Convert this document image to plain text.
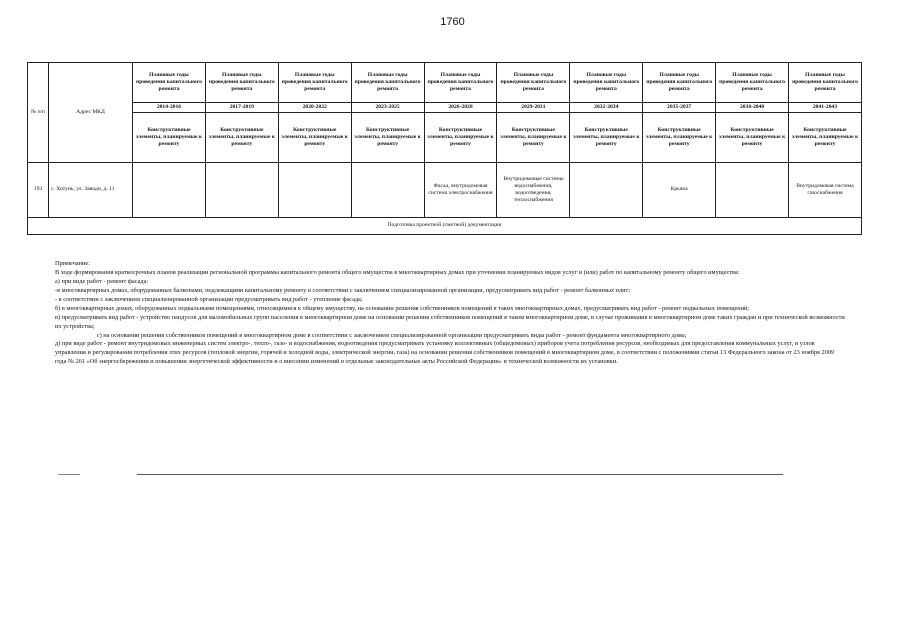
1760
№ п/п	Адрес МКД	Плановые годы проведения капитального ремонта	Плановые годы проведения капитального ремонта	Плановые годы проведения капитального ремонта	Плановые годы проведения капитального ремонта	Плановые годы проведения капитального ремонта	Плановые годы проведения капитального ремонта	Плановые годы проведения капитального ремонта	Плановые годы проведения капитального ремонта	Плановые годы проведения капитального ремонта	Плановые годы проведения капитального ремонта
		2014-2016	2017-2019	2020-2022	2023-2025	2026-2028	2029-2031	2032-2034	2035-2037	2038-2040	2041-2043
		Конструктивные элементы, планируемые к ремонту	Конструктивные элементы, планируемые к ремонту	Конструктивные элементы, планируемые к ремонту	Конструктивные элементы, планируемые к ремонту	Конструктивные элементы, планируемые к ремонту	Конструктивные элементы, планируемые к ремонту	Конструктивные элементы, планируемые к ремонту	Конструктивные элементы, планируемые к ремонту	Конструктивные элементы, планируемые к ремонту	Конструктивные элементы, планируемые к ремонту
193	с. Хотунь, ул. Заводи, д. 11					Фасад, внутридомовая система электроснабжения	Внутридомовые системы водоснабжения, водоотведения, теплоснабжения		Крыша		Внутридомовая система газоснабжения
Подготовка проектной (сметной) документации											

Примечание:

В ходе формирования краткосрочных планов реализации региональной программы капитального ремонта общего имущества в многоквартирных домах при уточнении планируемых видов услуг и (или) работ по капитальному ремонту общего имущества:

а) при виде работ - ремонт фасада:

-в многоквартирных домах, оборудованных балконами, подлежащими капитальному ремонту в соответствии с заключением специализированной организации, предусматривать вид работ - ремонт балконных плит;

- в соответствии с заключением специализированной организации предусматривать вид работ - утепление фасада;

б) в многоквартирных домах, оборудованных подвальными помещениями, относящимися к общему имуществу, на основании решения собственников помещений в таких многоквартирных домах, предусматривать вид работ - ремонт подвальных помещений;

в) предусматривать вид работ - устройство пандусов для маломобильных групп населения в многоквартирном доме на основании решения собственников помещений в таком многоквартирном доме, в случае проживания в многоквартирном доме таких граждан и при технической возможности их устройства;

г) на основании решения собственников помещений в многоквартирном доме в соответствии с заключением специализированной организации предусматривать виды работ - ремонт фундамента многоквартирного дома;

д) при виде работ - ремонт внутридомовых инженерных систем электро-, тепло-, газо- и водоснабжения, водоотведения предусматривать установку коллективных (общедомовых) приборов учета потребления ресурсов, необходимых для предоставления коммунальных услуг, и узлов управления и регулирования потребления этих ресурсов (тепловой энергии, горячей и холодной воды, электрической энергии, газа) на основании решения собственников помещений в многоквартирном доме, в соответствии с положениями статьи 13 Федерального закона от 23 ноября 2009 года № 261 «Об энергосбережении и повышении энергетической эффективности и о внесении изменений в отдельные законодательные акты Российской Федерации» и технической возможности их установки.
